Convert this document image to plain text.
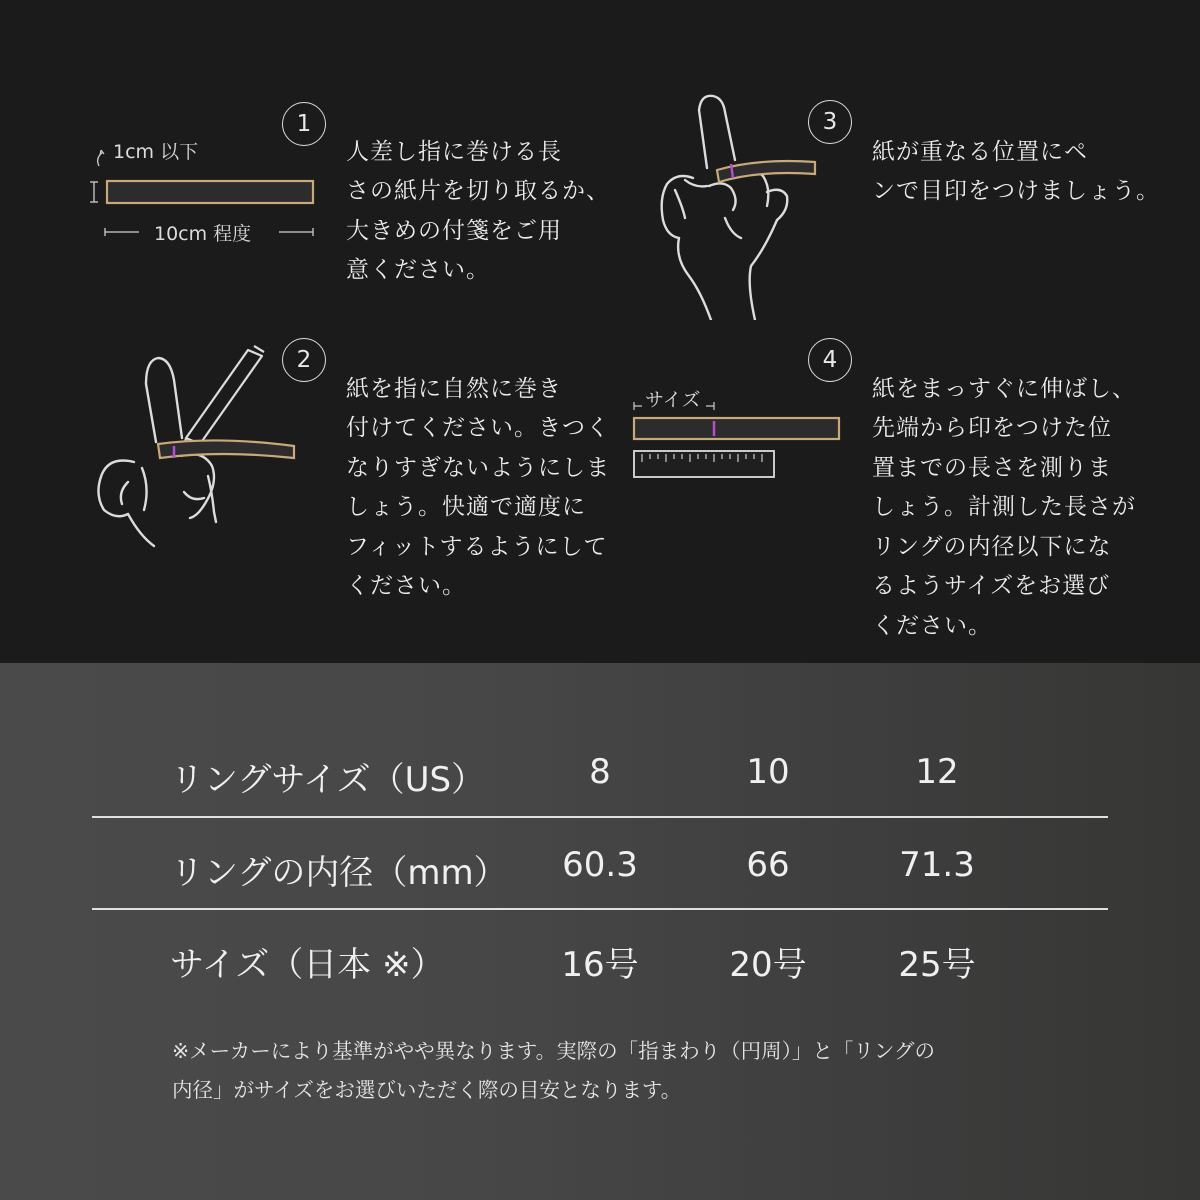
1cm 以下
10cm 程度
1

人差し指に巻ける長
さの紙片を切り取るか、
大きめの付箋をご用
意ください。

3

紙が重なる位置にペ
ンで目印をつけましょう。

2

紙を指に自然に巻き
付けてください。きつく
なりすぎないようにしま
しょう。快適で適度に
フィットするようにして
ください。

サイズ
4

紙をまっすぐに伸ばし、
先端から印をつけた位
置までの長さを測りま
しょう。計測した長さが
リングの内径以下にな
るようサイズをお選び
ください。

リングサイズ（US）	8	10	12
リングの内径（mm）	60.3	66	71.3
サイズ（日本 ※）	16号	20号	25号
※メーカーにより基準がやや異なります。実際の「指まわり（円周）」と「リングの
内径」がサイズをお選びいただく際の目安となります。
